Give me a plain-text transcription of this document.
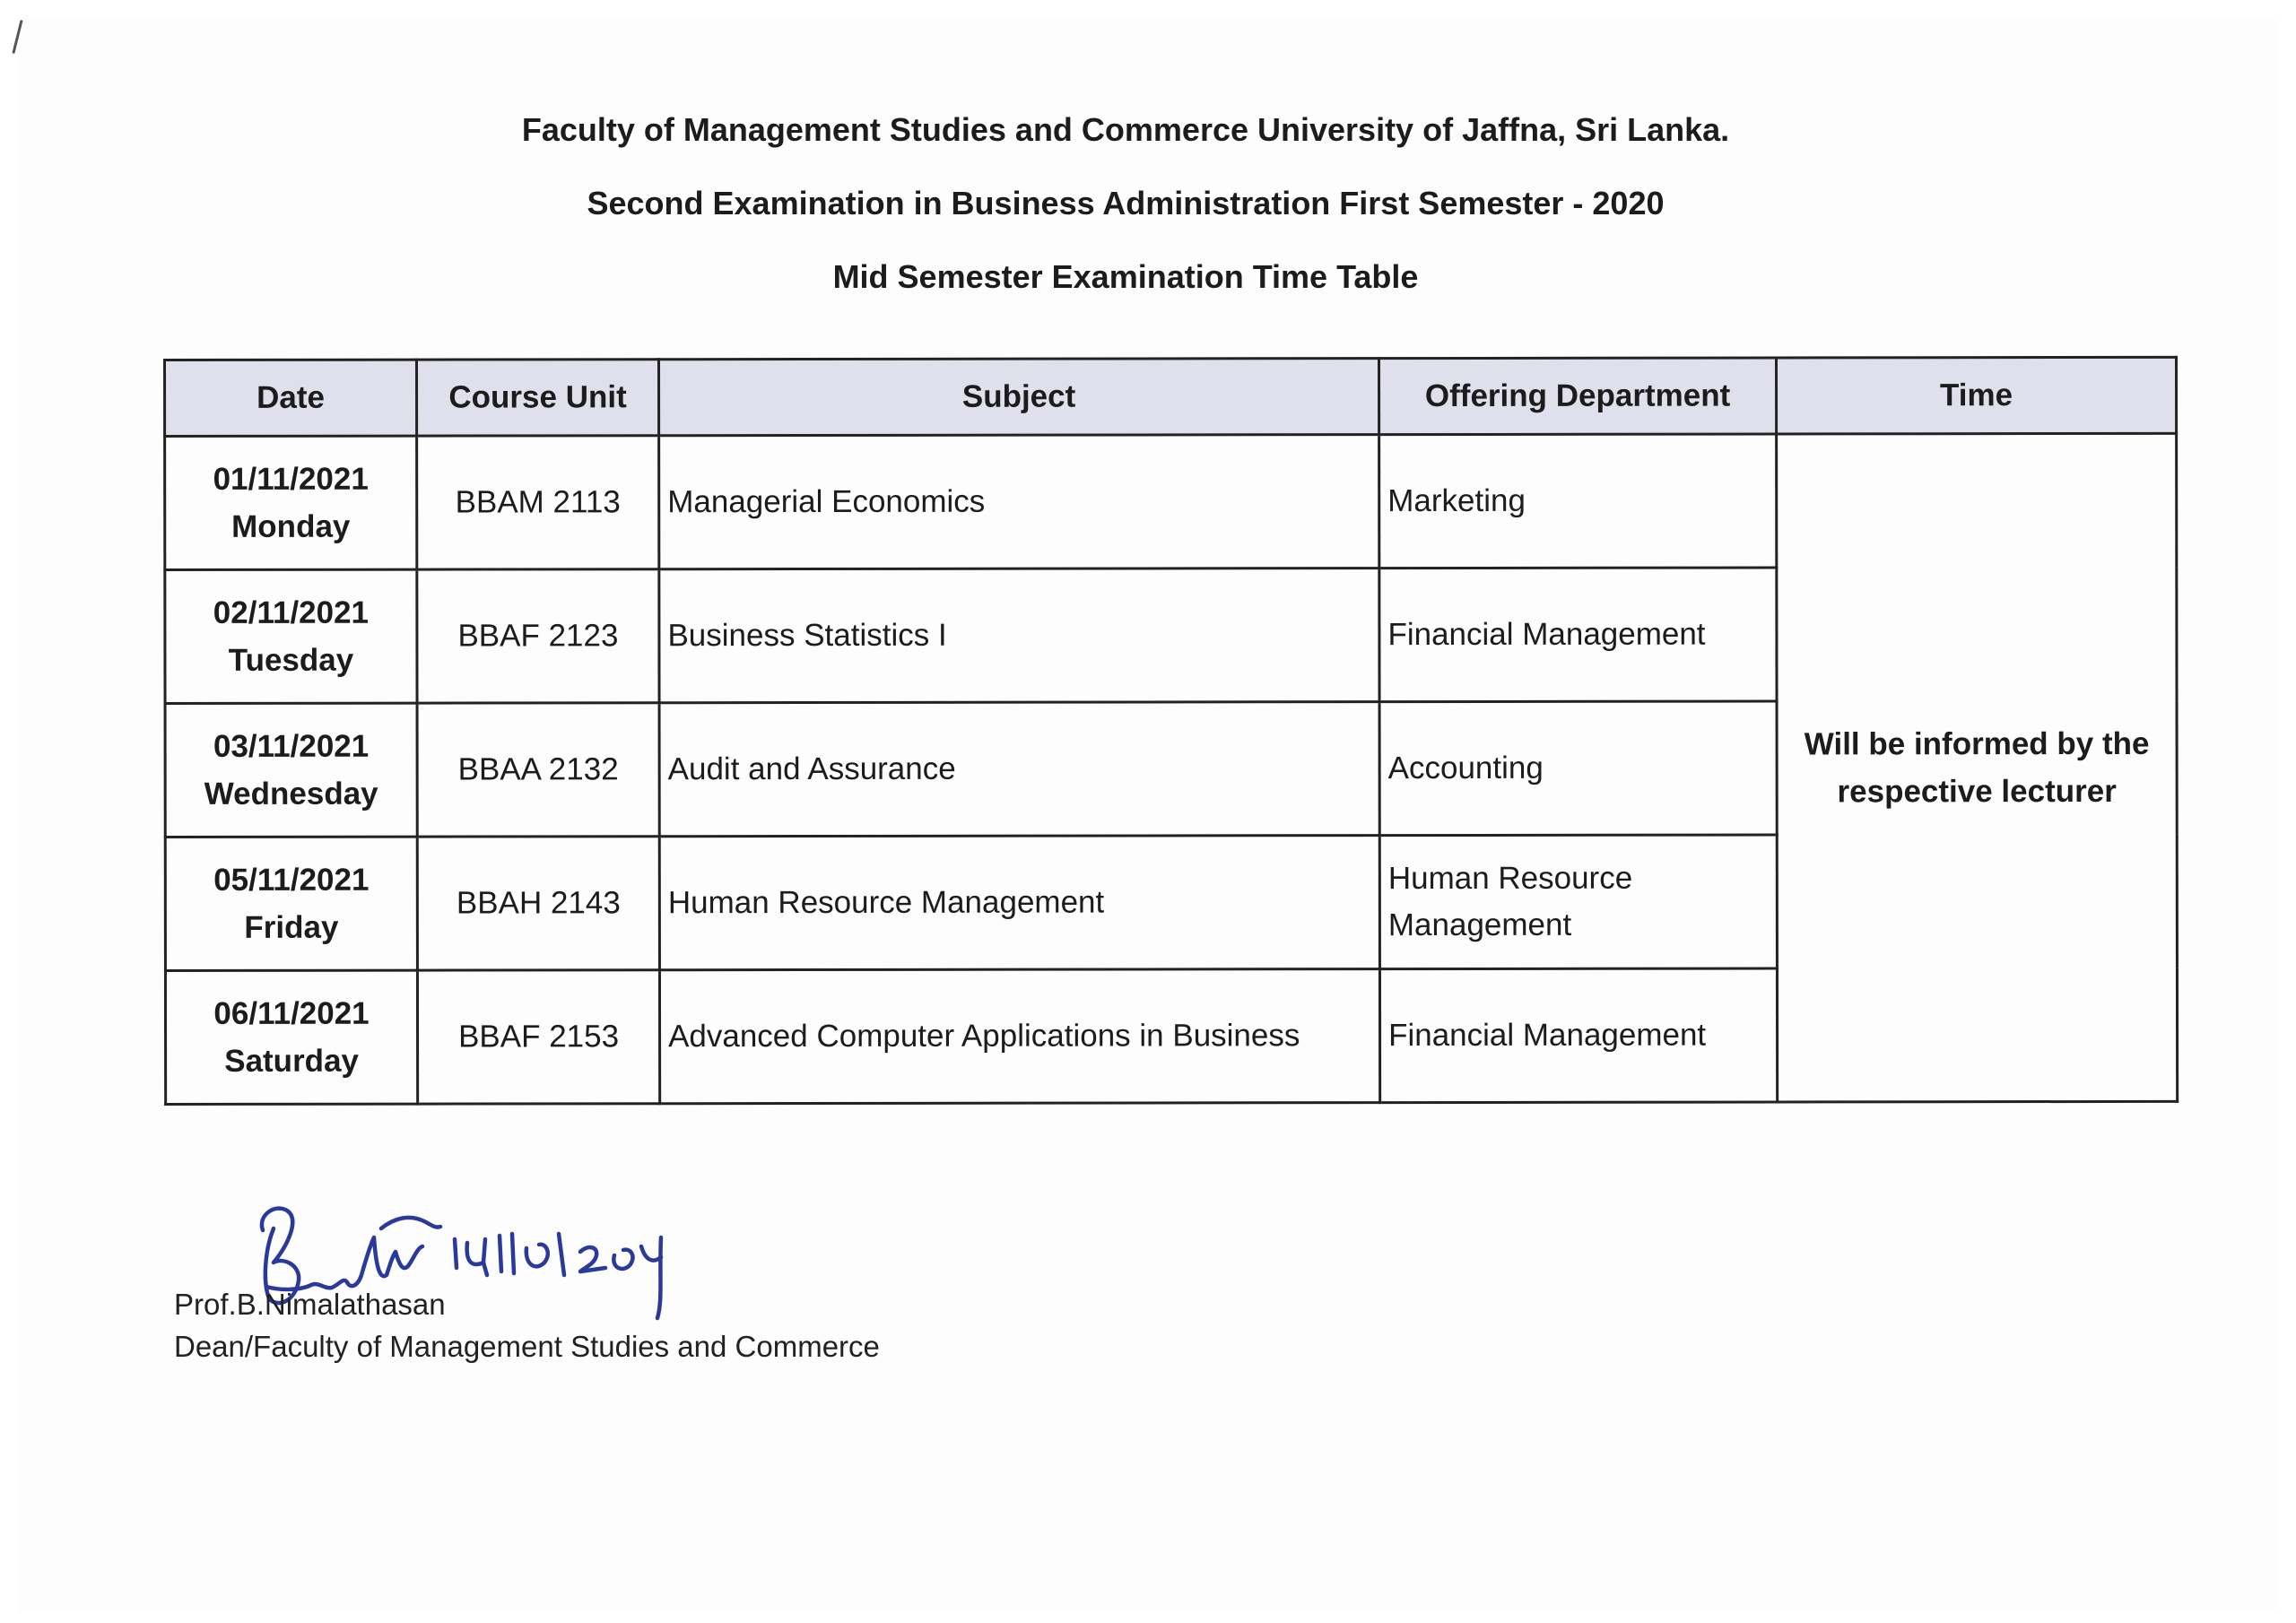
Faculty of Management Studies and Commerce University of Jaffna, Sri Lanka.
Second Examination in Business Administration First Semester - 2020
Mid Semester Examination Time Table
Date	Course Unit	Subject	Offering Department	Time
01/11/2021
Monday	BBAM 2113	Managerial Economics	Marketing	Will be informed by the respective lecturer
02/11/2021
Tuesday	BBAF 2123	Business Statistics I	Financial Management	
03/11/2021
Wednesday	BBAA 2132	Audit and Assurance	Accounting	
05/11/2021
Friday	BBAH 2143	Human Resource Management	Human Resource Management	
06/11/2021
Saturday	BBAF 2153	Advanced Computer Applications in Business	Financial Management	
Prof.B.Nimalathasan
Dean/Faculty of Management Studies and Commerce
